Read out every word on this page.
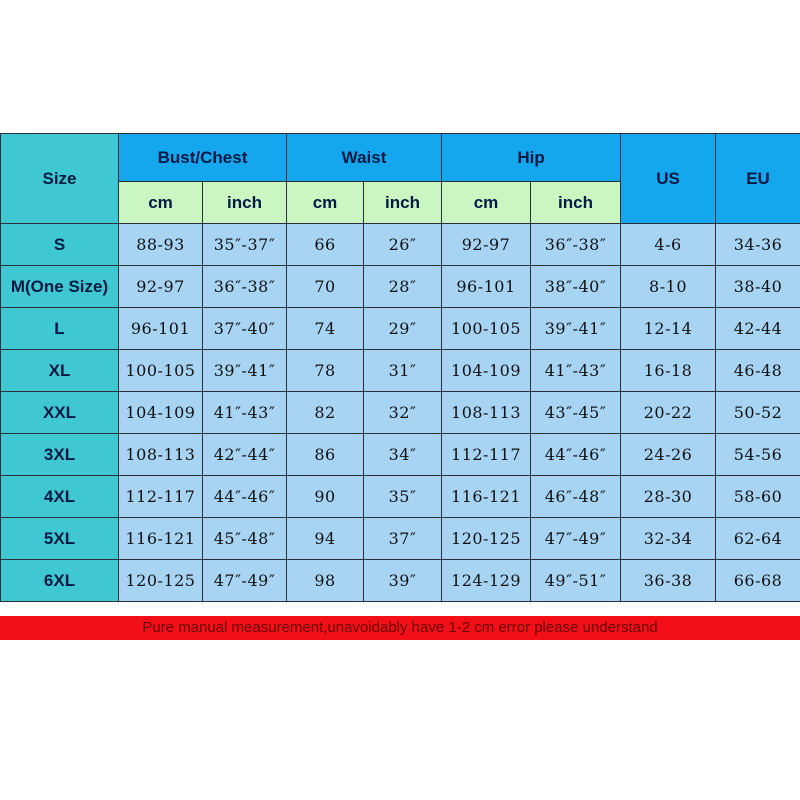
Size	Bust/Chest		Waist		Hip		US	EU
	cm	inch	cm	inch	cm	inch		
S	88-93	35″-37″	66	26″	92-97	36″-38″	4-6	34-36
M(One Size)	92-97	36″-38″	70	28″	96-101	38″-40″	8-10	38-40
L	96-101	37″-40″	74	29″	100-105	39″-41″	12-14	42-44
XL	100-105	39″-41″	78	31″	104-109	41″-43″	16-18	46-48
XXL	104-109	41″-43″	82	32″	108-113	43″-45″	20-22	50-52
3XL	108-113	42″-44″	86	34″	112-117	44″-46″	24-26	54-56
4XL	112-117	44″-46″	90	35″	116-121	46″-48″	28-30	58-60
5XL	116-121	45″-48″	94	37″	120-125	47″-49″	32-34	62-64
6XL	120-125	47″-49″	98	39″	124-129	49″-51″	36-38	66-68
Pure manual measurement,unavoidably have 1-2 cm error please understand
